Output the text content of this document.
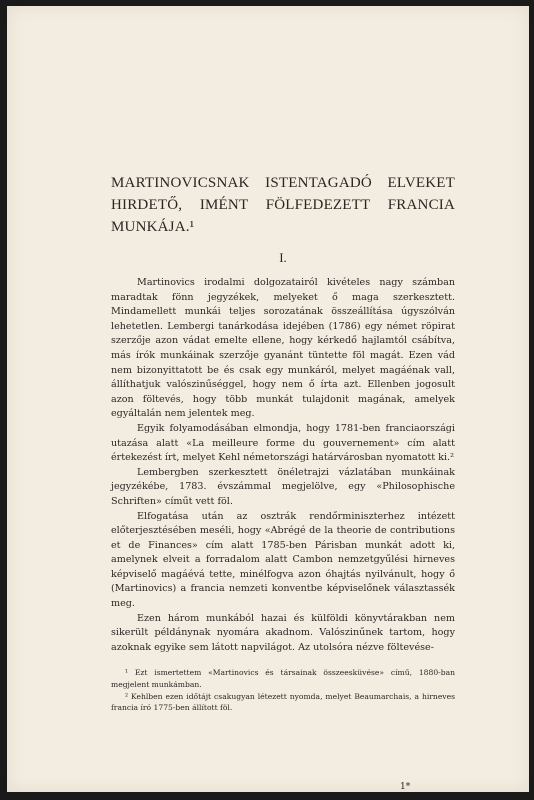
MARTINOVICSNAK ISTENTAGADÓ ELVEKET HIRDETŐ, IMÉNT FÖLFEDEZETT FRANCIA MUNKÁJA.¹
I.

Martinovics irodalmi dolgozatairól kivételes nagy számban maradtak fönn jegyzékek, melyeket ő maga szerkesztett. Mindamellett munkái teljes sorozatának összeállítása úgyszólván lehetetlen. Lembergi tanárkodása idejében (1786) egy német röpirat szerzője azon vádat emelte ellene, hogy kérkedő hajlamtól csábítva, más írók munkáinak szerzője gyanánt tüntette föl magát. Ezen vád nem bizonyittatott be és csak egy munkáról, melyet magáénak vall, állíthatjuk valószinűséggel, hogy nem ő írta azt. Ellenben jogosult azon föltevés, hogy több munkát tulajdonit magának, amelyek egyáltalán nem jelentek meg.

Egyik folyamodásában elmondja, hogy 1781-ben franciaországi utazása alatt «La meilleure forme du gouvernement» cím alatt értekezést írt, melyet Kehl németországi határvárosban nyomatott ki.²

Lembergben szerkesztett önéletrajzi vázlatában munkáinak jegyzékébe, 1783. évszámmal megjelölve, egy «Philosophische Schriften» címűt vett föl.

Elfogatása után az osztrák rendőrminiszterhez intézett előterjesztésében meséli, hogy «Abrégé de la theorie de contributions et de Finances» cím alatt 1785-ben Párisban munkát adott ki, amelynek elveit a forradalom alatt Cambon nemzetgyűlési hirneves képviselő magáévá tette, minélfogva azon óhajtás nyilvánult, hogy ő (Martinovics) a francia nemzeti konventbe képviselőnek választassék meg.

Ezen három munkából hazai és külföldi könyvtárakban nem sikerült példánynak nyomára akadnom. Valószinűnek tartom, hogy azoknak egyike sem látott napvilágot. Az utolsóra nézve föltevése-

¹ Ezt ismertettem «Martinovics és társainak összeesküvése» című, 1880-ban megjelent munkámban.

² Kehlben ezen időtájt csakugyan létezett nyomda, melyet Beaumarchais, a hirneves francia író 1775-ben állított föl.

1*
